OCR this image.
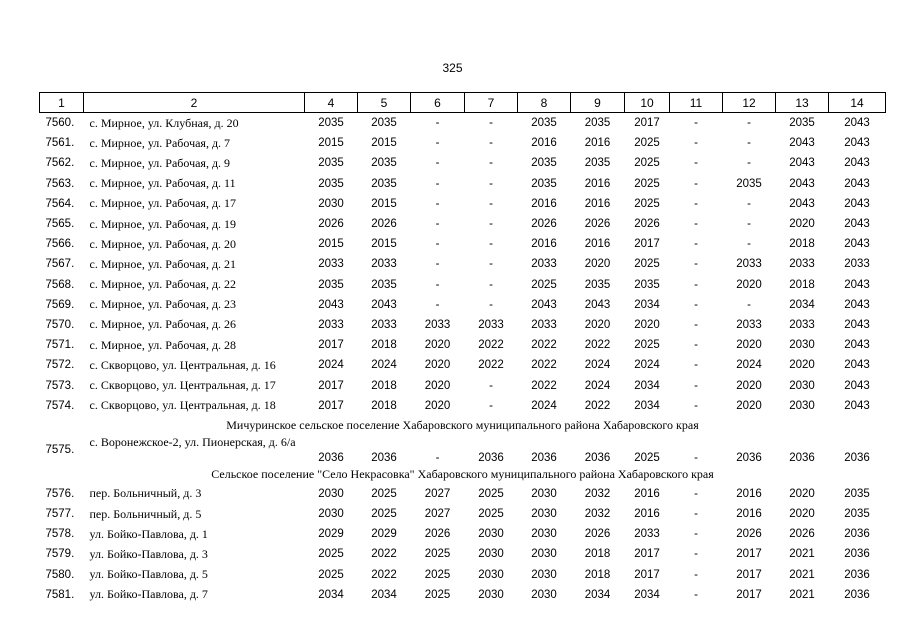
325
1	2	4	5	6	7	8	9	10	11	12	13	14
7560.	с. Мирное, ул. Клубная, д. 20	2035	2035	-	-	2035	2035	2017	-	-	2035	2043
7561.	с. Мирное, ул. Рабочая, д. 7	2015	2015	-	-	2016	2016	2025	-	-	2043	2043
7562.	с. Мирное, ул. Рабочая, д. 9	2035	2035	-	-	2035	2035	2025	-	-	2043	2043
7563.	с. Мирное, ул. Рабочая, д. 11	2035	2035	-	-	2035	2016	2025	-	2035	2043	2043
7564.	с. Мирное, ул. Рабочая, д. 17	2030	2015	-	-	2016	2016	2025	-	-	2043	2043
7565.	с. Мирное, ул. Рабочая, д. 19	2026	2026	-	-	2026	2026	2026	-	-	2020	2043
7566.	с. Мирное, ул. Рабочая, д. 20	2015	2015	-	-	2016	2016	2017	-	-	2018	2043
7567.	с. Мирное, ул. Рабочая, д. 21	2033	2033	-	-	2033	2020	2025	-	2033	2033	2033
7568.	с. Мирное, ул. Рабочая, д. 22	2035	2035	-	-	2025	2035	2035	-	2020	2018	2043
7569.	с. Мирное, ул. Рабочая, д. 23	2043	2043	-	-	2043	2043	2034	-	-	2034	2043
7570.	с. Мирное, ул. Рабочая, д. 26	2033	2033	2033	2033	2033	2020	2020	-	2033	2033	2043
7571.	с. Мирное, ул. Рабочая, д. 28	2017	2018	2020	2022	2022	2022	2025	-	2020	2030	2043
7572.	с. Скворцово, ул. Центральная, д. 16	2024	2024	2020	2022	2022	2024	2024	-	2024	2020	2043
7573.	с. Скворцово, ул. Центральная, д. 17	2017	2018	2020	-	2022	2024	2034	-	2020	2030	2043
7574.	с. Скворцово, ул. Центральная, д. 18	2017	2018	2020	-	2024	2022	2034	-	2020	2030	2043
Мичуринское сельское поселение Хабаровского муниципального района Хабаровского края												
7575.	с. Воронежское-2, ул. Пионерская, д. 6/а	2036	2036	-	2036	2036	2036	2025	-	2036	2036	2036
Сельское поселение "Село Некрасовка" Хабаровского муниципального района Хабаровского края												
7576.	пер. Больничный, д. 3	2030	2025	2027	2025	2030	2032	2016	-	2016	2020	2035
7577.	пер. Больничный, д. 5	2030	2025	2027	2025	2030	2032	2016	-	2016	2020	2035
7578.	ул. Бойко-Павлова, д. 1	2029	2029	2026	2030	2030	2026	2033	-	2026	2026	2036
7579.	ул. Бойко-Павлова, д. 3	2025	2022	2025	2030	2030	2018	2017	-	2017	2021	2036
7580.	ул. Бойко-Павлова, д. 5	2025	2022	2025	2030	2030	2018	2017	-	2017	2021	2036
7581.	ул. Бойко-Павлова, д. 7	2034	2034	2025	2030	2030	2034	2034	-	2017	2021	2036
